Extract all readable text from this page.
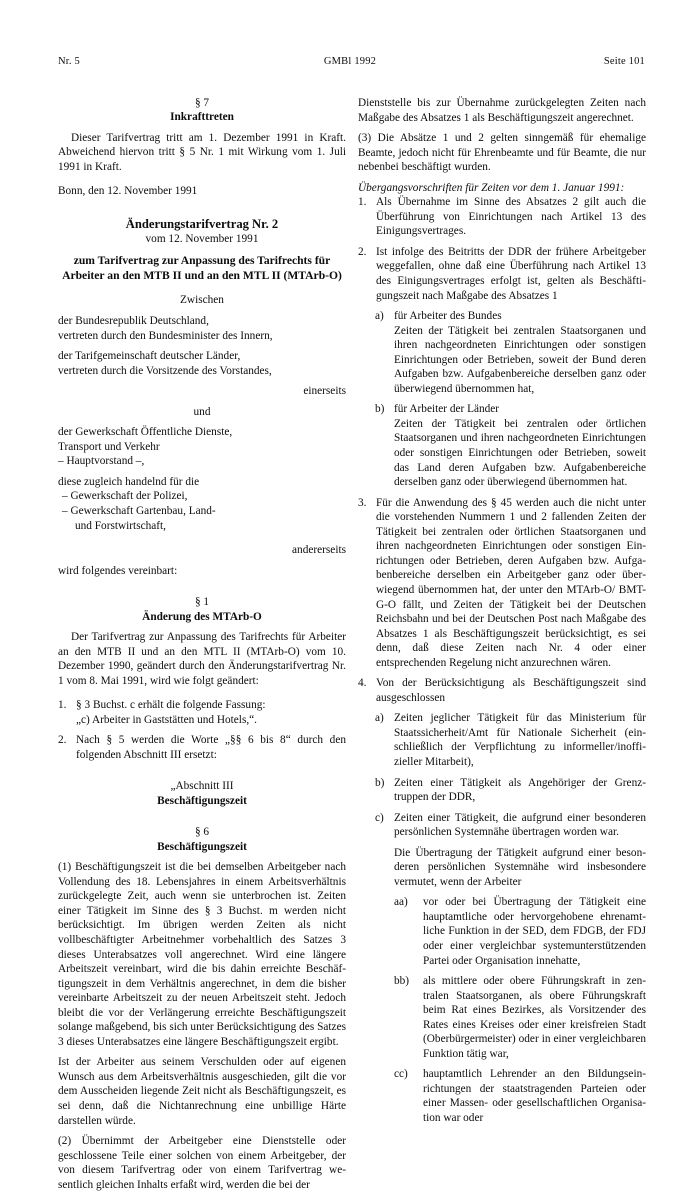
Nr. 5	GMBl 1992	Seite 101
§ 7
Inkrafttreten

Dieser Tarifvertrag tritt am 1. Dezember 1991 in Kraft. Abweichend hiervon tritt § 5 Nr. 1 mit Wirkung vom 1. Juli 1991 in Kraft.

Bonn, den 12. November 1991

Änderungstarifvertrag Nr. 2

vom 12. November 1991

zum Tarifvertrag zur Anpassung des Tarifrechts für Arbeiter an den MTB II und an den MTL II (MTArb-O)

Zwischen

der Bundesrepublik Deutschland,

vertreten durch den Bundesminister des Innern,

der Tarifgemeinschaft deutscher Länder,

vertreten durch die Vorsitzende des Vorstandes,

einerseits

und

der Gewerkschaft Öffentliche Dienste,

Transport und Verkehr

– Hauptvorstand –,

diese zugleich handelnd für die

– Gewerkschaft der Polizei,

– Gewerkschaft Gartenbau, Land-

und Forstwirtschaft,

andererseits

wird folgendes vereinbart:

§ 1
Änderung des MTArb-O

Der Tarifvertrag zur Anpassung des Tarifrechts für Arbeiter an den MTB II und an den MTL II (MTArb-O) vom 10. Dezember 1990, geändert durch den Änderungstarifvertrag Nr. 1 vom 8. Mai 1991, wird wie folgt geändert:

1. § 3 Buchst. c erhält die folgende Fassung:
„c) Arbeiter in Gaststätten und Hotels,“.
2. Nach § 5 werden die Worte „§§ 6 bis 8“ durch den folgenden Abschnitt III ersetzt:

„Abschnitt III

Beschäftigungszeit

§ 6
Beschäftigungszeit

(1) Beschäftigungszeit ist die bei demselben Arbeitgeber nach Vollendung des 18. Lebensjahres in einem Arbeitsverhältnis zurückgelegte Zeit, auch wenn sie unterbrochen ist. Zeiten einer Tätigkeit im Sinne des § 3 Buchst. m werden nicht berücksichtigt. Im übrigen werden Zeiten als nicht vollbeschäftigter Arbeitnehmer vorbehaltlich des Satzes 3 dieses Unterabsatzes voll angerechnet. Wird eine längere Arbeitszeit vereinbart, wird die bis dahin erreichte Beschäftigungszeit in dem Verhältnis angerechnet, in dem die bisher vereinbarte Arbeitszeit zu der neuen Arbeitszeit steht. Jedoch bleibt die vor der Verlängerung erreichte Beschäftigungszeit solange maßgebend, bis sich unter Berücksichtigung des Satzes 3 dieses Unterabsatzes eine längere Beschäftigungszeit ergibt.

Ist der Arbeiter aus seinem Verschulden oder auf eigenen Wunsch aus dem Arbeitsverhältnis ausgeschieden, gilt die vor dem Ausscheiden liegende Zeit nicht als Beschäftigungszeit, es sei denn, daß die Nichtanrechnung eine unbillige Härte darstellen würde.

(2) Übernimmt der Arbeitgeber eine Dienststelle oder geschlossene Teile einer solchen von einem Arbeitgeber, der von diesem Tarifvertrag oder von einem Tarifvertrag wesentlich gleichen Inhalts erfaßt wird, werden die bei der

Dienststelle bis zur Übernahme zurückgelegten Zeiten nach Maßgabe des Absatzes 1 als Beschäftigungszeit angerechnet.

(3) Die Absätze 1 und 2 gelten sinngemäß für ehemalige Beamte, jedoch nicht für Ehrenbeamte und für Beamte, die nur nebenbei beschäftigt wurden.

Übergangsvorschriften für Zeiten vor dem 1. Januar 1991:

1. Als Übernahme im Sinne des Absatzes 2 gilt auch die Überführung von Einrichtungen nach Artikel 13 des Einigungsvertrages.
2. Ist infolge des Beitritts der DDR der frühere Arbeitgeber weggefallen, ohne daß eine Überführung nach Artikel 13 des Einigungsvertrages erfolgt ist, gelten als Beschäftigungszeit nach Maßgabe des Absatzes 1
a) für Arbeiter des Bundes

Zeiten der Tätigkeit bei zentralen Staatsorganen und ihren nachgeordneten Einrichtungen oder sonstigen Einrichtungen oder Betrieben, soweit der Bund deren Aufgaben bzw. Aufgabenbereiche derselben ganz oder überwiegend übernommen hat,

b) für Arbeiter der Länder

Zeiten der Tätigkeit bei zentralen oder örtlichen Staatsorganen und ihren nachgeordneten Einrichtungen oder sonstigen Einrichtungen oder Betrieben, soweit das Land deren Aufgaben bzw. Aufgabenbereiche derselben ganz oder überwiegend übernommen hat.

3. Für die Anwendung des § 45 werden auch die nicht unter die vorstehenden Nummern 1 und 2 fallenden Zeiten der Tätigkeit bei zentralen oder örtlichen Staatsorganen und ihren nachgeordneten Einrichtungen oder sonstigen Einrichtungen oder Betrieben, deren Aufgaben bzw. Aufgabenbereiche derselben ein Arbeitgeber ganz oder überwiegend übernommen hat, der unter den MTArb-O/ BMT-G-O fällt, und Zeiten der Tätigkeit bei der Deutschen Reichsbahn und bei der Deutschen Post nach Maßgabe des Absatzes 1 als Beschäftigungszeit berücksichtigt, es sei denn, daß diese Zeiten nach Nr. 4 oder einer entsprechenden Regelung nicht anzurechnen wären.
4. Von der Berücksichtigung als Beschäftigungszeit sind ausgeschlossen
a) Zeiten jeglicher Tätigkeit für das Ministerium für Staatssicherheit/Amt für Nationale Sicherheit (einschließlich der Verpflichtung zu informeller/inoffizieller Mitarbeit),
b) Zeiten einer Tätigkeit als Angehöriger der Grenztruppen der DDR,
c) Zeiten einer Tätigkeit, die aufgrund einer besonderen persönlichen Systemnähe übertragen worden war.

Die Übertragung der Tätigkeit aufgrund einer besonderen persönlichen Systemnähe wird insbesondere vermutet, wenn der Arbeiter

aa)	vor oder bei Übertragung der Tätigkeit eine hauptamtliche oder hervorgehobene ehrenamtliche Funktion in der SED, dem FDGB, der FDJ oder einer vergleichbar systemunterstützenden Partei oder Organisation innehatte,
bb)	als mittlere oder obere Führungskraft in zentralen Staatsorganen, als obere Führungskraft beim Rat eines Bezirkes, als Vorsitzender des Rates eines Kreises oder einer kreisfreien Stadt (Oberbürgermeister) oder in einer vergleichbaren Funktion tätig war,
cc)	hauptamtlich Lehrender an den Bildungseinrichtungen der staatstragenden Parteien oder einer Massen- oder gesellschaftlichen Organisation war oder
